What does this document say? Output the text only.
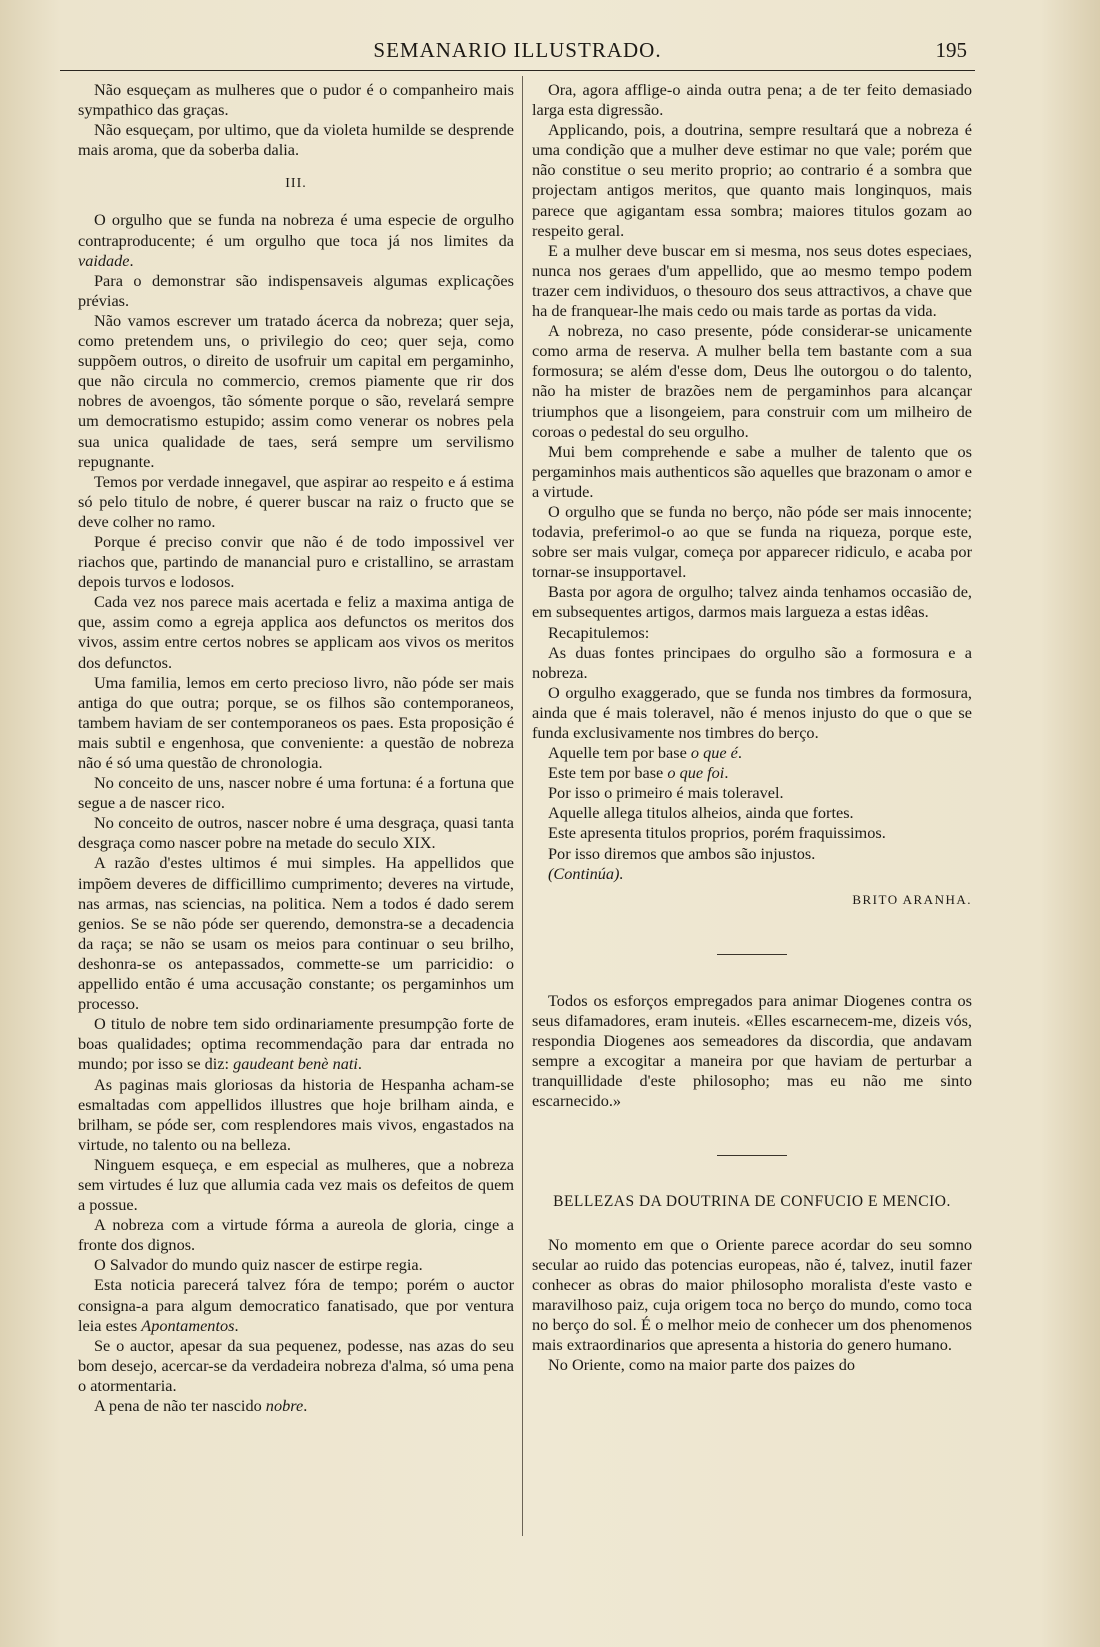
SEMANARIO ILLUSTRADO.	195

Não esqueçam as mulheres que o pudor é o companheiro mais sympathico das graças.

Não esqueçam, por ultimo, que da violeta humilde se desprende mais aroma, que da soberba dalia.

III.

O orgulho que se funda na nobreza é uma especie de orgulho contraproducente; é um orgulho que toca já nos limites da vaidade.

Para o demonstrar são indispensaveis algumas explicações prévias.

Não vamos escrever um tratado ácerca da nobreza; quer seja, como pretendem uns, o privilegio do ceo; quer seja, como suppõem outros, o direito de usofruir um capital em pergaminho, que não circula no commercio, cremos piamente que rir dos nobres de avoengos, tão sómente porque o são, revelará sempre um democratismo estupido; assim como venerar os nobres pela sua unica qualidade de taes, será sempre um servilismo repugnante.

Temos por verdade innegavel, que aspirar ao respeito e á estima só pelo titulo de nobre, é querer buscar na raiz o fructo que se deve colher no ramo.

Porque é preciso convir que não é de todo impossivel ver riachos que, partindo de manancial puro e cristallino, se arrastam depois turvos e lodosos.

Cada vez nos parece mais acertada e feliz a maxima antiga de que, assim como a egreja applica aos defunctos os meritos dos vivos, assim entre certos nobres se applicam aos vivos os meritos dos defunctos.

Uma familia, lemos em certo precioso livro, não póde ser mais antiga do que outra; porque, se os filhos são contemporaneos, tambem haviam de ser contemporaneos os paes. Esta proposição é mais subtil e engenhosa, que conveniente: a questão de nobreza não é só uma questão de chronologia.

No conceito de uns, nascer nobre é uma fortuna: é a fortuna que segue a de nascer rico.

No conceito de outros, nascer nobre é uma desgraça, quasi tanta desgraça como nascer pobre na metade do seculo XIX.

A razão d'estes ultimos é mui simples. Ha appellidos que impõem deveres de difficillimo cumprimento; deveres na virtude, nas armas, nas sciencias, na politica. Nem a todos é dado serem genios. Se se não póde ser querendo, demonstra-se a decadencia da raça; se não se usam os meios para continuar o seu brilho, deshonra-se os antepassados, commette-se um parricidio: o appellido então é uma accusação constante; os pergaminhos um processo.

O titulo de nobre tem sido ordinariamente presumpção forte de boas qualidades; optima recommendação para dar entrada no mundo; por isso se diz: gaudeant benè nati.

As paginas mais gloriosas da historia de Hespanha acham-se esmaltadas com appellidos illustres que hoje brilham ainda, e brilham, se póde ser, com resplendores mais vivos, engastados na virtude, no talento ou na belleza.

Ninguem esqueça, e em especial as mulheres, que a nobreza sem virtudes é luz que allumia cada vez mais os defeitos de quem a possue.

A nobreza com a virtude fórma a aureola de gloria, cinge a fronte dos dignos.

O Salvador do mundo quiz nascer de estirpe regia.

Esta noticia parecerá talvez fóra de tempo; porém o auctor consigna-a para algum democratico fanatisado, que por ventura leia estes Apontamentos.

Se o auctor, apesar da sua pequenez, podesse, nas azas do seu bom desejo, acercar-se da verdadeira nobreza d'alma, só uma pena o atormentaria.

A pena de não ter nascido nobre.

Ora, agora afflige-o ainda outra pena; a de ter feito demasiado larga esta digressão.

Applicando, pois, a doutrina, sempre resultará que a nobreza é uma condição que a mulher deve estimar no que vale; porém que não constitue o seu merito proprio; ao contrario é a sombra que projectam antigos meritos, que quanto mais longinquos, mais parece que agigantam essa sombra; maiores titulos gozam ao respeito geral.

E a mulher deve buscar em si mesma, nos seus dotes especiaes, nunca nos geraes d'um appellido, que ao mesmo tempo podem trazer cem individuos, o thesouro dos seus attractivos, a chave que ha de franquear-lhe mais cedo ou mais tarde as portas da vida.

A nobreza, no caso presente, póde considerar-se unicamente como arma de reserva. A mulher bella tem bastante com a sua formosura; se além d'esse dom, Deus lhe outorgou o do talento, não ha mister de brazões nem de pergaminhos para alcançar triumphos que a lisongeiem, para construir com um milheiro de coroas o pedestal do seu orgulho.

Mui bem comprehende e sabe a mulher de talento que os pergaminhos mais authenticos são aquelles que brazonam o amor e a virtude.

O orgulho que se funda no berço, não póde ser mais innocente; todavia, preferimol-o ao que se funda na riqueza, porque este, sobre ser mais vulgar, começa por apparecer ridiculo, e acaba por tornar-se insupportavel.

Basta por agora de orgulho; talvez ainda tenhamos occasião de, em subsequentes artigos, darmos mais largueza a estas idêas.

Recapitulemos:

As duas fontes principaes do orgulho são a formosura e a nobreza.

O orgulho exaggerado, que se funda nos timbres da formosura, ainda que é mais toleravel, não é menos injusto do que o que se funda exclusivamente nos timbres do berço.

Aquelle tem por base o que é.

Este tem por base o que foi.

Por isso o primeiro é mais toleravel.

Aquelle allega titulos alheios, ainda que fortes.

Este apresenta titulos proprios, porém fraquissimos.

Por isso diremos que ambos são injustos.

(Continúa).

BRITO ARANHA.

Todos os esforços empregados para animar Diogenes contra os seus difamadores, eram inuteis. «Elles escarnecem-me, dizeis vós, respondia Diogenes aos semeadores da discordia, que andavam sempre a excogitar a maneira por que haviam de perturbar a tranquillidade d'este philosopho; mas eu não me sinto escarnecido.»

BELLEZAS DA DOUTRINA DE CONFUCIO E MENCIO.

No momento em que o Oriente parece acordar do seu somno secular ao ruido das potencias europeas, não é, talvez, inutil fazer conhecer as obras do maior philosopho moralista d'este vasto e maravilhoso paiz, cuja origem toca no berço do mundo, como toca no berço do sol. É o melhor meio de conhecer um dos phenomenos mais extraordinarios que apresenta a historia do genero humano.

No Oriente, como na maior parte dos paizes do
